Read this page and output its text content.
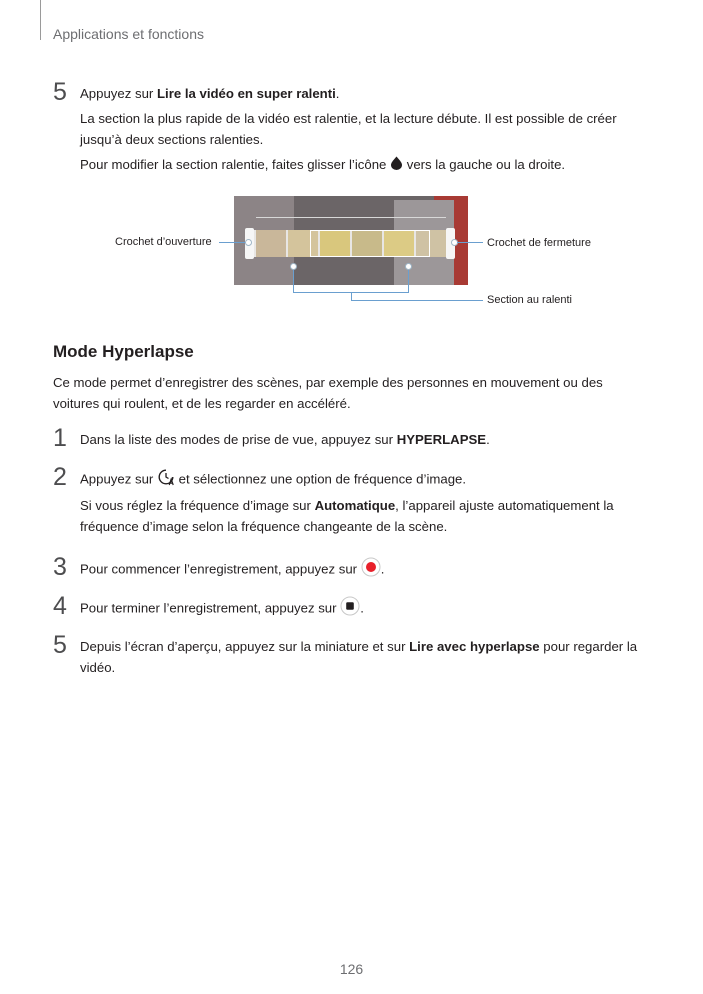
Applications et fonctions
5 Appuyez sur Lire la vidéo en super ralenti.
La section la plus rapide de la vidéo est ralentie, et la lecture débute. Il est possible de créer jusqu’à deux sections ralenties.
Pour modifier la section ralentie, faites glisser l’icône  vers la gauche ou la droite.
Crochet d’ouverture	Crochet de fermeture
Section au ralenti
Mode Hyperlapse
Ce mode permet d’enregistrer des scènes, par exemple des personnes en mouvement ou des voitures qui roulent, et de les regarder en accéléré.
1 Dans la liste des modes de prise de vue, appuyez sur HYPERLAPSE.
2 Appuyez sur  et sélectionnez une option de fréquence d’image.
Si vous réglez la fréquence d’image sur Automatique, l’appareil ajuste automatiquement la fréquence d’image selon la fréquence changeante de la scène.
3 Pour commencer l’enregistrement, appuyez sur .
4 Pour terminer l’enregistrement, appuyez sur .
5 Depuis l’écran d’aperçu, appuyez sur la miniature et sur Lire avec hyperlapse pour regarder la vidéo.
126
